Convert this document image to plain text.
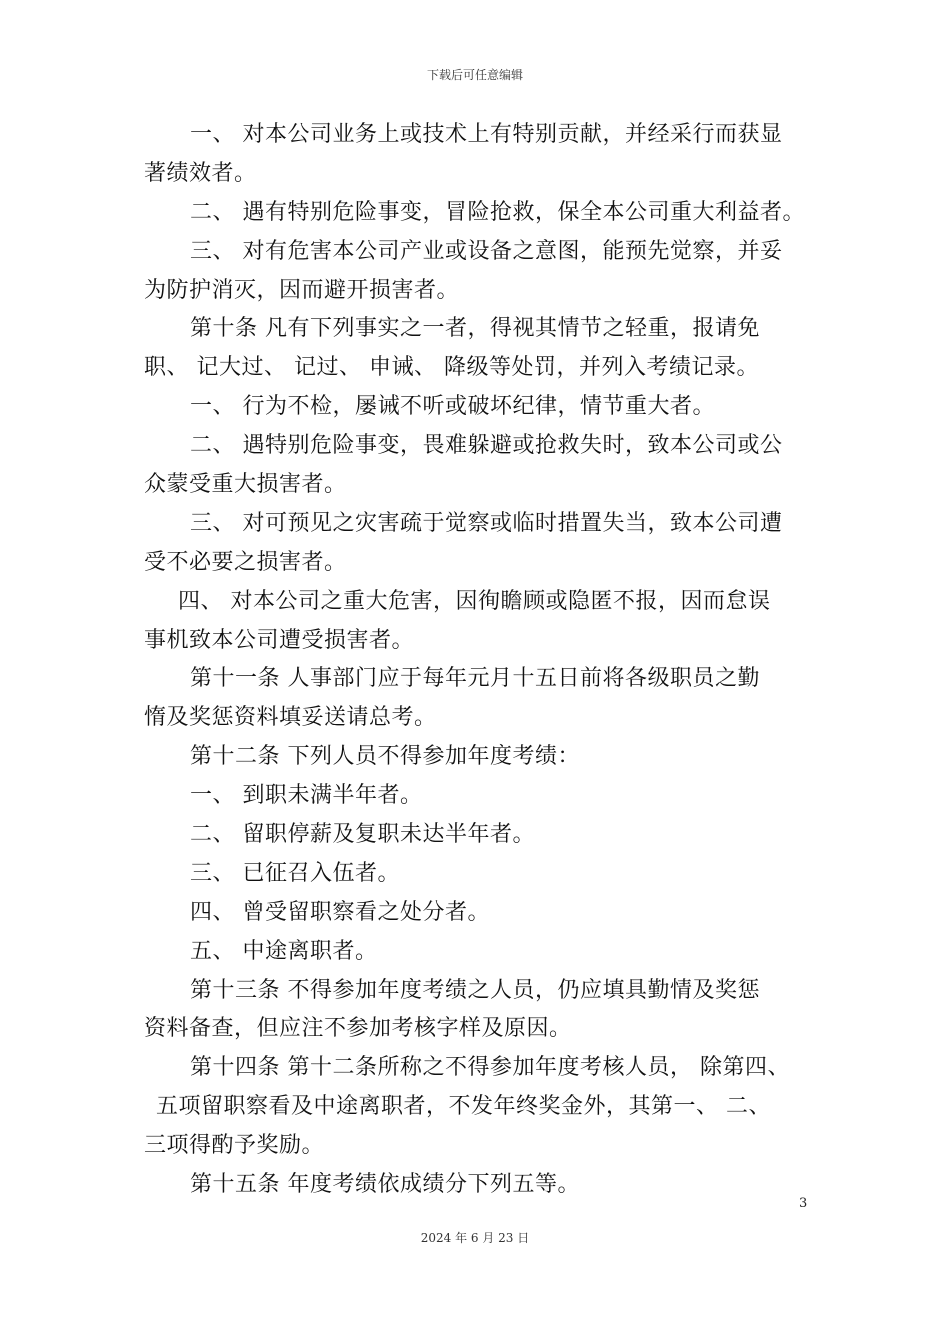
下载后可任意编辑
一、 对本公司业务上或技术上有特别贡献，并经采行而获显
著绩效者。
二、 遇有特别危险事变，冒险抢救，保全本公司重大利益者。
三、 对有危害本公司产业或设备之意图，能预先觉察，并妥
为防护消灭，因而避开损害者。
第十条 凡有下列事实之一者，得视其情节之轻重，报请免
职、 记大过、 记过、 申诫、 降级等处罚，并列入考绩记录。
一、 行为不检，屡诫不听或破坏纪律，情节重大者。
二、 遇特别危险事变，畏难躲避或抢救失时，致本公司或公
众蒙受重大损害者。
三、 对可预见之灾害疏于觉察或临时措置失当，致本公司遭
受不必要之损害者。
四、 对本公司之重大危害，因徇瞻顾或隐匿不报，因而怠误
事机致本公司遭受损害者。
第十一条 人事部门应于每年元月十五日前将各级职员之勤
惰及奖惩资料填妥送请总考。
第十二条 下列人员不得参加年度考绩：
一、 到职未满半年者。
二、 留职停薪及复职未达半年者。
三、 已征召入伍者。
四、 曾受留职察看之处分者。
五、 中途离职者。
第十三条 不得参加年度考绩之人员，仍应填具勤情及奖惩
资料备查，但应注不参加考核字样及原因。
第十四条 第十二条所称之不得参加年度考核人员， 除第四、
五项留职察看及中途离职者，不发年终奖金外，其第一、 二、
三项得酌予奖励。
第十五条 年度考绩依成绩分下列五等。
3
2024 年 6 月 23 日
